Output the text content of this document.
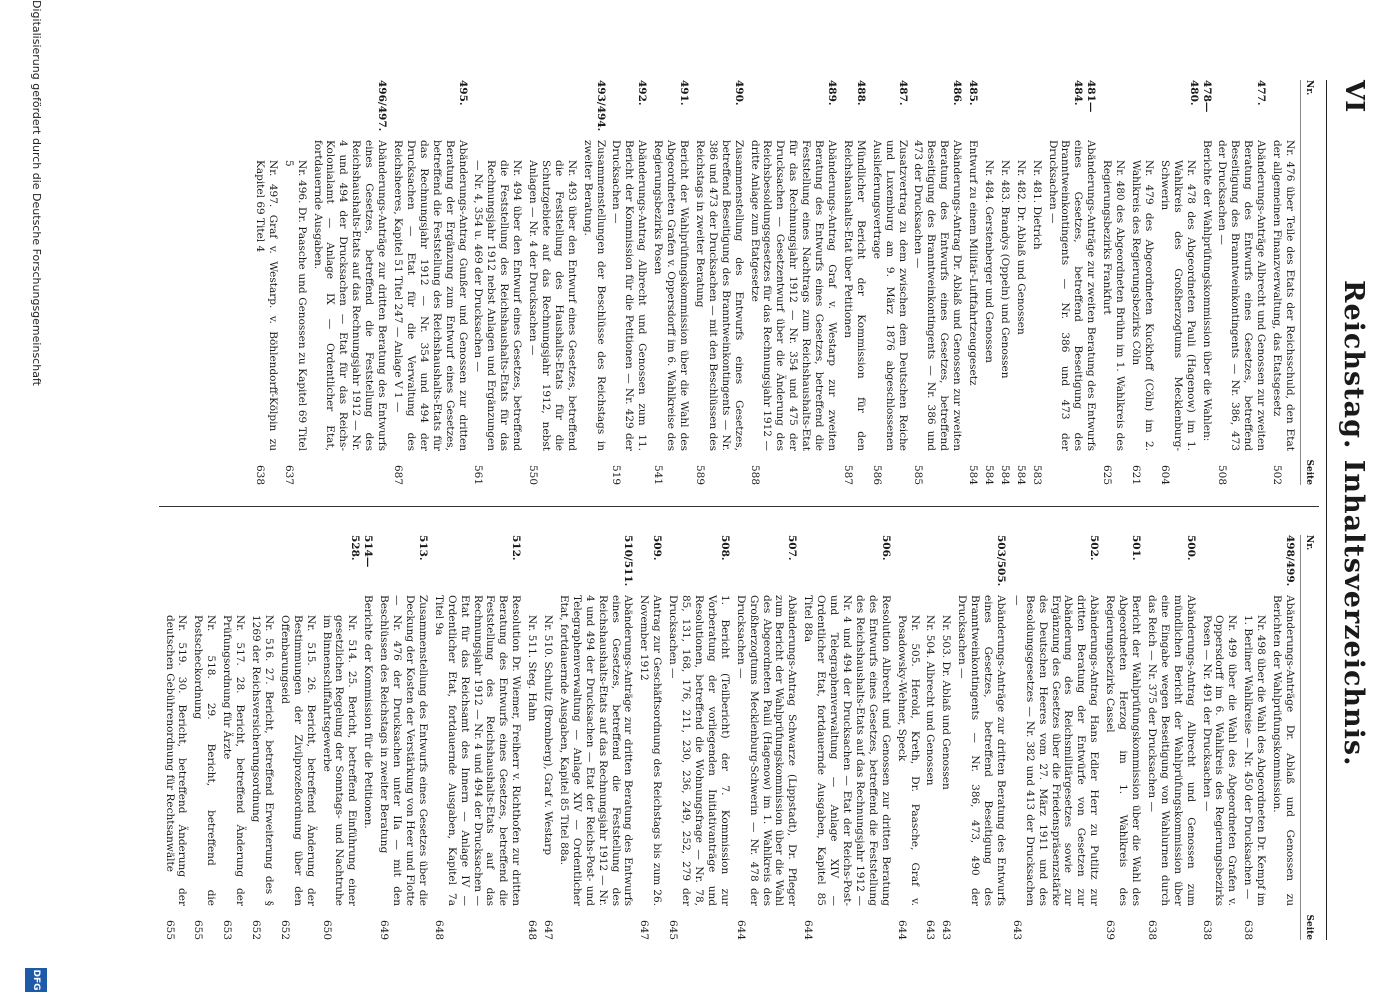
VI
Reichstag. Inhaltsverzeichnis.
Nr.
Seite
Nr. 476 über Teile des Etats der Reichsschuld, den Etat der allgemeinen Finanzverwaltung, das Etatsgesetz
502
477.
Abänderungs-Anträge Albrecht und Genossen zur zweiten Beratung des Entwurfs eines Gesetzes, betreffend Beseitigung des Branntweinkontingents — Nr. 386, 473 der Drucksachen —
508
478—480.
Berichte der Wahlprüfungskommission über die Wahlen:
Nr. 478 des Abgeordneten Pauli (Hagenow) im 1. Wahlkreis des Großherzogtums Mecklenburg-Schwerin
604
Nr. 479 des Abgeordneten Kuckhoff (Cöln) im 2. Wahlkreis des Regierungsbezirks Cöln
621
Nr. 480 des Abgeordneten Brühn im 1. Wahlkreis des Regierungsbezirks Frankfurt
625
481—484.
Abänderungs-Anträge zur zweiten Beratung des Entwurfs eines Gesetzes, betreffend Beseitigung des Branntweinkontingents — Nr. 386 und 473 der Drucksachen —
Nr. 481. Dietrich
583
Nr. 482. Dr. Ablaß und Genossen
584
Nr. 483. Brandys (Oppeln) und Genossen
584
Nr. 484. Gerstenberger und Genossen
584
485.
Entwurf zu einem Militär-Luftfahrtzeuggesetz
584
486.
Abänderungs-Antrag Dr. Ablaß und Genossen zur zweiten Beratung des Entwurfs eines Gesetzes, betreffend Beseitigung des Branntweinkontingents — Nr. 386 und 473 der Drucksachen —
585
487.
Zusatzvertrag zu dem zwischen dem Deutschen Reiche und Luxemburg am 9. März 1876 abgeschlossenen Auslieferungsvertrage
586
488.
Mündlicher Bericht der Kommission für den Reichshaushalts-Etat über Petitionen
587
489.
Abänderungs-Antrag Graf v. Westarp zur zweiten Beratung des Entwurfs eines Gesetzes, betreffend die Feststellung eines Nachtrags zum Reichshaushalts-Etat für das Rechnungsjahr 1912 — Nr. 354 und 475 der Drucksachen — Gesetzentwurf über die Änderung des Reichsbesoldungsgesetzes für das Rechnungsjahr 1912 — dritte Anlage zum Etatgesetze
588
490.
Zusammenstellung des Entwurfs eines Gesetzes, betreffend Beseitigung des Branntweinkontingents — Nr. 386 und 473 der Drucksachen — mit den Beschlüssen des Reichstags in zweiter Beratung
589
491.
Bericht der Wahlprüfungskommission über die Wahl des Abgeordneten Grafen v. Oppersdorff im 6. Wahlkreise des Regierungsbezirks Posen
541
492.
Abänderungs-Antrag Albrecht und Genossen zum 11. Bericht der Kommission für die Petitionen — Nr. 429 der Drucksachen —
519
493/494.
Zusammenstellungen der Beschlüsse des Reichstags in zweiter Beratung.
Nr. 493 über den Entwurf eines Gesetzes, betreffend die Feststellung des Haushalts-Etats für die Schutzgebiete auf das Rechnungsjahr 1912, nebst Anlagen — Nr. 4 der Drucksachen —
550
Nr. 494 über den Entwurf eines Gesetzes, betreffend die Feststellung des Reichshaushalts-Etats für das Rechnungsjahr 1912 nebst Anlagen und Ergänzungen — Nr. 4, 354 u. 469 der Drucksachen —
561
495.
Abänderungs-Antrag Gunßer und Genossen zur dritten Beratung der Ergänzung zum Entwurf eines Gesetzes, betreffend die Feststellung des Reichshaushalts-Etats für das Rechnungsjahr 1912 — Nr. 354 und 494 der Drucksachen — Etat für die Verwaltung des Reichsheeres, Kapitel 51 Titel 247 — Anlage V 1 —
687
496/497.
Abänderungs-Anträge zur dritten Beratung des Entwurfs eines Gesetzes, betreffend die Feststellung des Reichshaushalts-Etats auf das Rechnungsjahr 1912 — Nr. 4 und 494 der Drucksachen — Etat für das Reichs-Kolonialamt — Anlage IX — Ordentlicher Etat, fortdauernde Ausgaben.
Nr. 496. Dr. Paasche und Genossen zu Kapitel 69 Titel 5
637
Nr. 497. Graf v. Westarp. v. Böhlendorff-Kölpin zu Kapitel 69 Titel 4
638
Nr.
Seite
498/499.
Abänderungs-Anträge Dr. Ablaß und Genossen zu Berichten der Wahlprüfungskommission.
Nr. 498 über die Wahl des Abgeordneten Dr. Kempf im 1. Berliner Wahlkreise — Nr. 450 der Drucksachen —
638
Nr. 499 über die Wahl des Abgeordneten Grafen v. Oppersdorff im 6. Wahlkreis des Regierungsbezirks Posen — Nr. 491 der Drucksachen —
638
500.
Abänderungs-Antrag Albrecht und Genossen zum mündlichen Bericht der Wahlprüfungskommission über eine Eingabe wegen Beseitigung von Wahlurnen durch das Reich — Nr. 375 der Drucksachen —
638
501.
Bericht der Wahlprüfungskommission über die Wahl des Abgeordneten Herzog im 1. Wahlkreis des Regierungsbezirks Cassel
639
502.
Abänderungs-Antrag Hans Edler Herr zu Putlitz zur dritten Beratung der Entwürfe von Gesetzen zur Abänderung des Reichsmilitärgesetzes sowie zur Ergänzung des Gesetzes über die Friedenspräsenzstärke des Deutschen Heeres vom 27. März 1911 und des Besoldungsgesetzes — Nr. 382 und 413 der Drucksachen —
643
503/505.
Abänderungs-Anträge zur dritten Beratung des Entwurfs eines Gesetzes, betreffend Beseitigung des Branntweinkontingents — Nr. 386, 473, 490 der Drucksachen —
Nr. 503. Dr. Ablaß und Genossen
643
Nr. 504. Albrecht und Genossen
643
Nr. 505. Herold, Kreth, Dr. Paasche, Graf v. Posadowsky-Wehner, Speck
644
506.
Resolution Albrecht und Genossen zur dritten Beratung des Entwurfs eines Gesetzes, betreffend die Feststellung des Reichshaushalts-Etats auf das Rechnungsjahr 1912 — Nr. 4 und 494 der Drucksachen — Etat der Reichs-Post- und Telegraphenverwaltung — Anlage XIV — Ordentlicher Etat, fortdauernde Ausgaben, Kapitel 85 Titel 88a
644
507.
Abänderungs-Antrag Schwarze (Lippstadt), Dr. Pfleger zum Bericht der Wahlprüfungskommission über die Wahl des Abgeordneten Pauli (Hagenow) im 1. Wahlkreis des Großherzogtums Mecklenburg-Schwerin — Nr. 478 der Drucksachen —
644
508.
1. Bericht (Teilbericht) der 7. Kommission zur Vorberatung der vorliegenden Initiativanträge und Resolutionen, betreffend die Wohnungsfrage — Nr. 78, 85, 131, 168, 176, 211, 230, 236, 249, 252, 279 der Drucksachen —
645
509.
Antrag zur Geschäftsordnung des Reichstags bis zum 26. November 1912
647
510/511.
Abänderungs-Anträge zur dritten Beratung des Entwurfs eines Gesetzes, betreffend die Feststellung des Reichshaushalts-Etats auf das Rechnungsjahr 1912 — Nr. 4 und 494 der Drucksachen — Etat der Reichs-Post- und Telegraphenverwaltung — Anlage XIV — Ordentlicher Etat, fortdauernde Ausgaben, Kapitel 85 Titel 88a.
Nr. 510. Schultz (Bromberg), Graf v. Westarp
647
Nr. 511. Steg. Hahn
648
512.
Resolution Dr. Wiemer, Freiherr v. Richthofen zur dritten Beratung des Entwurfs eines Gesetzes, betreffend die Feststellung des Reichshaushalts-Etats auf das Rechnungsjahr 1912 — Nr. 4 und 494 der Drucksachen — Etat für das Reichsamt des Innern — Anlage IV — Ordentlicher Etat, fortdauernde Ausgaben, Kapitel 7a Titel 9a
648
513.
Zusammenstellung des Entwurfs eines Gesetzes über die Deckung der Kosten der Verstärkung von Heer und Flotte — Nr. 476 der Drucksachen unter IIa — mit den Beschlüssen des Reichstags in zweiter Beratung
649
514—528.
Berichte der Kommission für die Petitionen.
Nr. 514. 25. Bericht, betreffend Einführung einer gesetzlichen Regelung der Sonntags- und Nachtruhe im Binnenschiffahrtsgewerbe
650
Nr. 515. 26. Bericht, betreffend Änderung der Bestimmungen der Zivilprozeßordnung über den Offenbarungseid
652
Nr. 516. 27. Bericht, betreffend Erweiterung des § 1269 der Reichsversicherungsordnung
652
Nr. 517. 28. Bericht, betreffend Änderung der Prüfungsordnung für Ärzte
653
Nr. 518. 29. Bericht, betreffend die Postscheckordnung
655
Nr. 519. 30. Bericht, betreffend Änderung der deutschen Gebührenordnung für Rechtsanwälte
655
Digitalisierung gefördert durch die Deutsche Forschungsgemeinschaft
DFG
